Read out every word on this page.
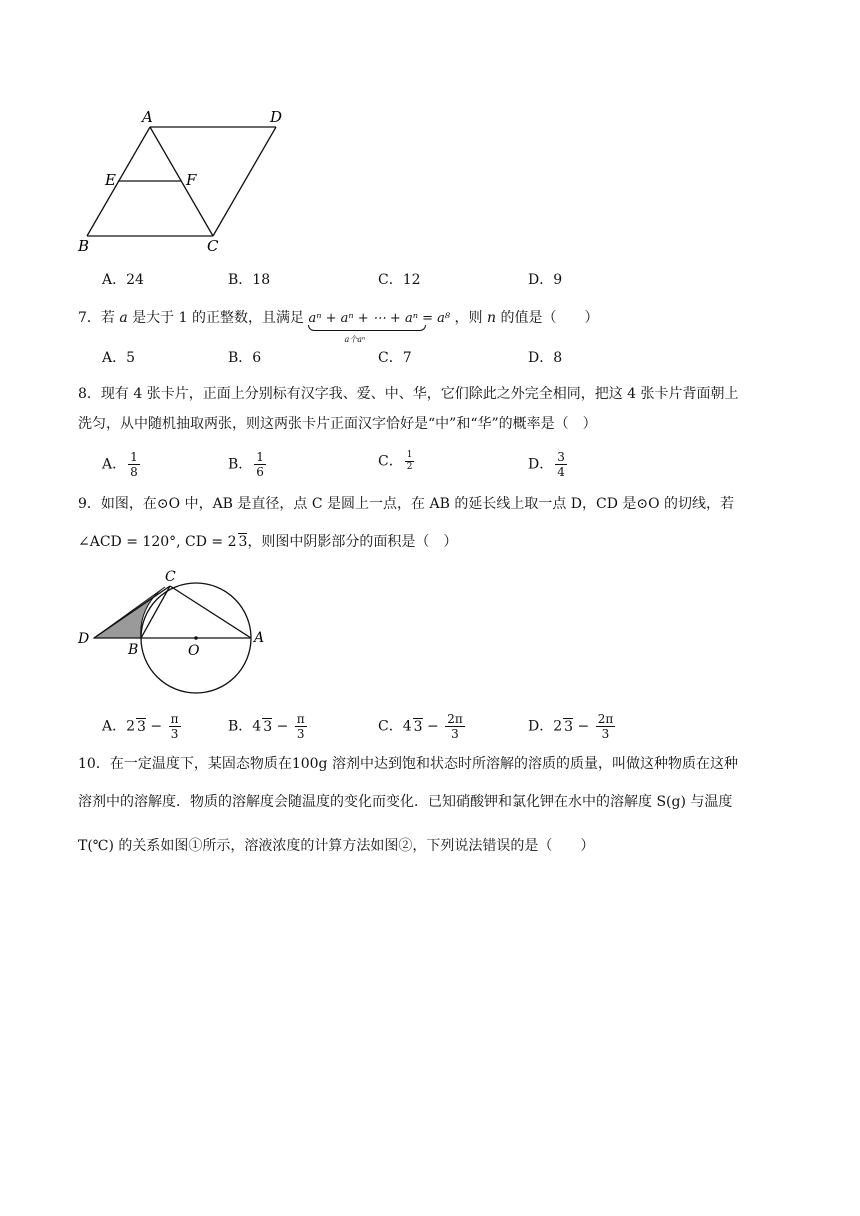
A	D
E	F
B	C
A．24	B．18	C．12	D．9
7．若 a 是大于 1 的正整数，且满足 aⁿ + aⁿ + ⋯ + aⁿ = a⁸
a个aⁿ
，则 n 的值是（　　）
A．5	B．6	C．7	D．8
8．现有 4 张卡片，正面上分别标有汉字我、爱、中、华，它们除此之外完全相同，把这 4 张卡片背面朝上
洗匀，从中随机抽取两张，则这两张卡片正面汉字恰好是“中”和“华”的概率是（　）
A． $\frac{1}{8}$	B． $\frac{1}{6}$	C． $\frac{1}{2}$	D． $\frac{3}{4}$
9．如图，在⊙O 中，AB 是直径，点 C 是圆上一点，在 AB 的延长线上取一点 D，CD 是⊙O 的切线，若
∠ACD = 120°, CD = 2 3，则图中阴影部分的面积是（　）
C
D
B	O
A
A．2 $3 - \frac{\pi}{3}$	B．4 $3 - \frac{\pi}{3}$	C．4 $3 - \frac{2\pi}{3}$	D．2 $3 - \frac{2\pi}{3}$
10．在一定温度下，某固态物质在100g 溶剂中达到饱和状态时所溶解的溶质的质量，叫做这种物质在这种
溶剂中的溶解度．物质的溶解度会随温度的变化而变化．已知硝酸钾和氯化钾在水中的溶解度 S(g) 与温度
T(℃) 的关系如图①所示，溶液浓度的计算方法如图②，下列说法错误的是（　　）
